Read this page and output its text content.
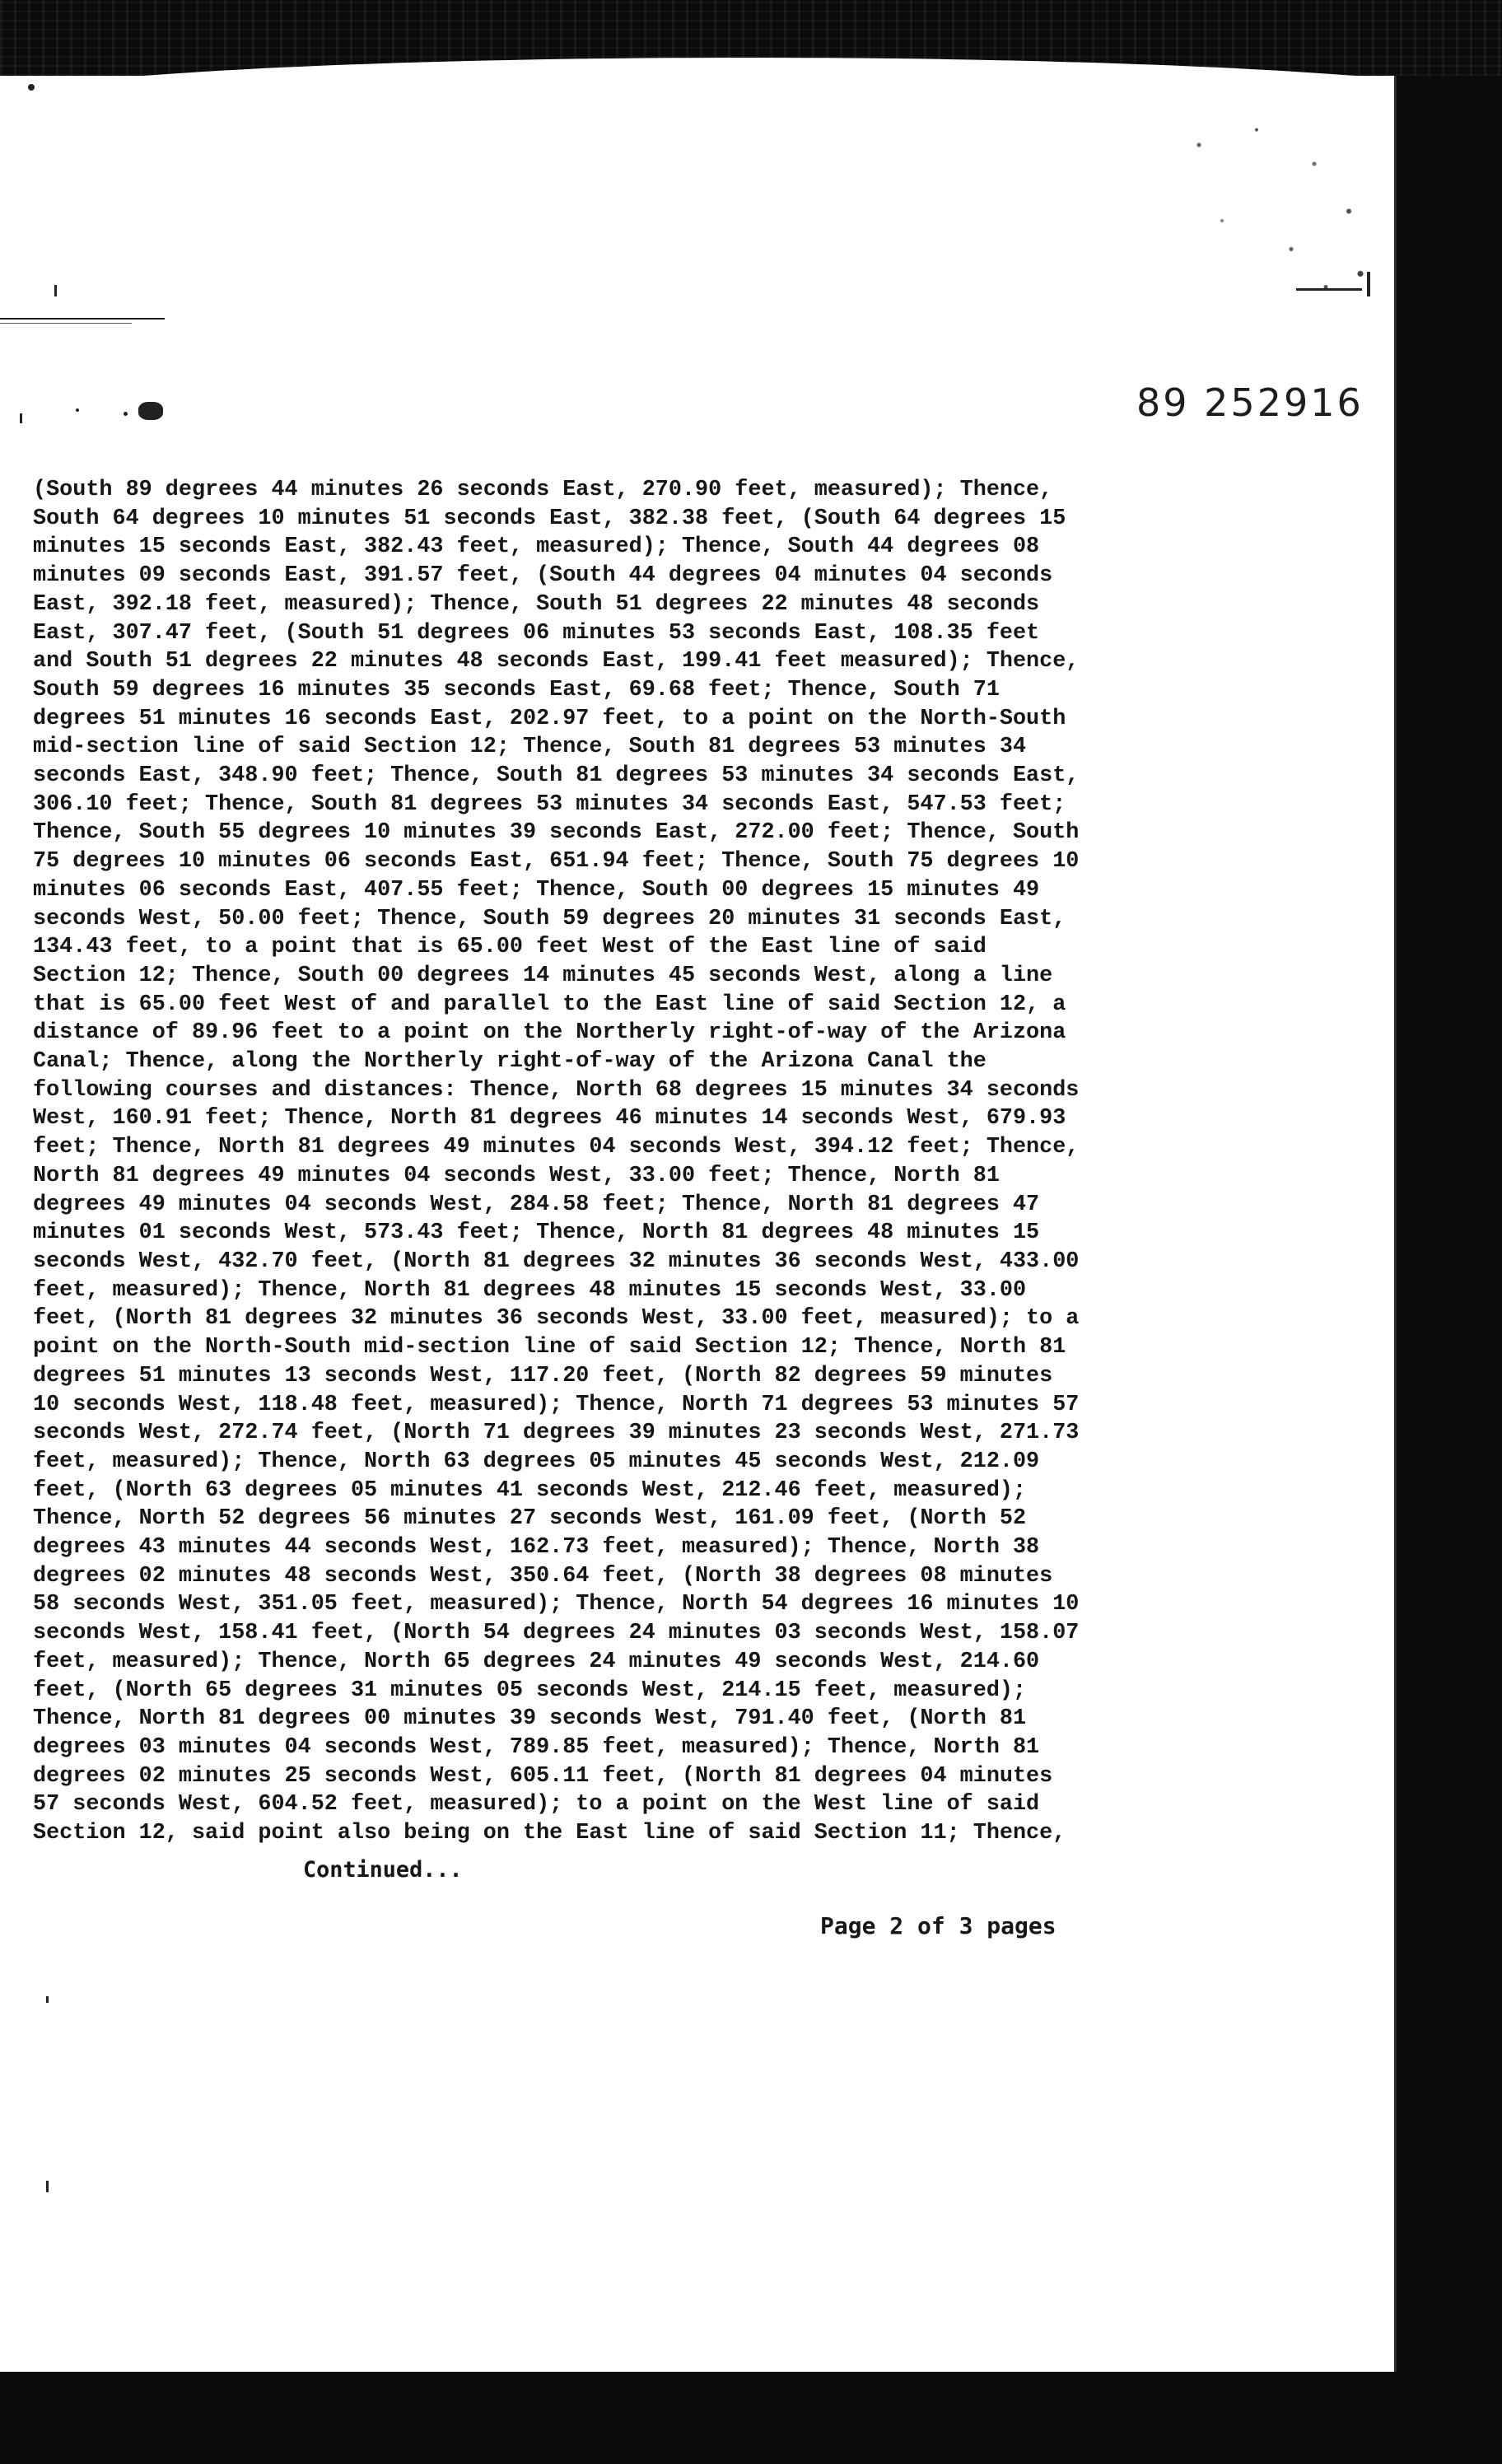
89 252916
(South 89 degrees 44 minutes 26 seconds East, 270.90 feet, measured); Thence,
South 64 degrees 10 minutes 51 seconds East, 382.38 feet, (South 64 degrees 15
minutes 15 seconds East, 382.43 feet, measured); Thence, South 44 degrees 08
minutes 09 seconds East, 391.57 feet, (South 44 degrees 04 minutes 04 seconds
East, 392.18 feet, measured); Thence, South 51 degrees 22 minutes 48 seconds
East, 307.47 feet, (South 51 degrees 06 minutes 53 seconds East, 108.35 feet
and South 51 degrees 22 minutes 48 seconds East, 199.41 feet measured); Thence,
South 59 degrees 16 minutes 35 seconds East, 69.68 feet; Thence, South 71
degrees 51 minutes 16 seconds East, 202.97 feet, to a point on the North-South
mid-section line of said Section 12; Thence, South 81 degrees 53 minutes 34
seconds East, 348.90 feet; Thence, South 81 degrees 53 minutes 34 seconds East,
306.10 feet; Thence, South 81 degrees 53 minutes 34 seconds East, 547.53 feet;
Thence, South 55 degrees 10 minutes 39 seconds East, 272.00 feet; Thence, South
75 degrees 10 minutes 06 seconds East, 651.94 feet; Thence, South 75 degrees 10
minutes 06 seconds East, 407.55 feet; Thence, South 00 degrees 15 minutes 49
seconds West, 50.00 feet; Thence, South 59 degrees 20 minutes 31 seconds East,
134.43 feet, to a point that is 65.00 feet West of the East line of said
Section 12; Thence, South 00 degrees 14 minutes 45 seconds West, along a line
that is 65.00 feet West of and parallel to the East line of said Section 12, a
distance of 89.96 feet to a point on the Northerly right-of-way of the Arizona
Canal; Thence, along the Northerly right-of-way of the Arizona Canal the
following courses and distances: Thence, North 68 degrees 15 minutes 34 seconds
West, 160.91 feet; Thence, North 81 degrees 46 minutes 14 seconds West, 679.93
feet; Thence, North 81 degrees 49 minutes 04 seconds West, 394.12 feet; Thence,
North 81 degrees 49 minutes 04 seconds West, 33.00 feet; Thence, North 81
degrees 49 minutes 04 seconds West, 284.58 feet; Thence, North 81 degrees 47
minutes 01 seconds West, 573.43 feet; Thence, North 81 degrees 48 minutes 15
seconds West, 432.70 feet, (North 81 degrees 32 minutes 36 seconds West, 433.00
feet, measured); Thence, North 81 degrees 48 minutes 15 seconds West, 33.00
feet, (North 81 degrees 32 minutes 36 seconds West, 33.00 feet, measured); to a
point on the North-South mid-section line of said Section 12; Thence, North 81
degrees 51 minutes 13 seconds West, 117.20 feet, (North 82 degrees 59 minutes
10 seconds West, 118.48 feet, measured); Thence, North 71 degrees 53 minutes 57
seconds West, 272.74 feet, (North 71 degrees 39 minutes 23 seconds West, 271.73
feet, measured); Thence, North 63 degrees 05 minutes 45 seconds West, 212.09
feet, (North 63 degrees 05 minutes 41 seconds West, 212.46 feet, measured);
Thence, North 52 degrees 56 minutes 27 seconds West, 161.09 feet, (North 52
degrees 43 minutes 44 seconds West, 162.73 feet, measured); Thence, North 38
degrees 02 minutes 48 seconds West, 350.64 feet, (North 38 degrees 08 minutes
58 seconds West, 351.05 feet, measured); Thence, North 54 degrees 16 minutes 10
seconds West, 158.41 feet, (North 54 degrees 24 minutes 03 seconds West, 158.07
feet, measured); Thence, North 65 degrees 24 minutes 49 seconds West, 214.60
feet, (North 65 degrees 31 minutes 05 seconds West, 214.15 feet, measured);
Thence, North 81 degrees 00 minutes 39 seconds West, 791.40 feet, (North 81
degrees 03 minutes 04 seconds West, 789.85 feet, measured); Thence, North 81
degrees 02 minutes 25 seconds West, 605.11 feet, (North 81 degrees 04 minutes
57 seconds West, 604.52 feet, measured); to a point on the West line of said
Section 12, said point also being on the East line of said Section 11; Thence,
Continued...
Page 2 of 3 pages
